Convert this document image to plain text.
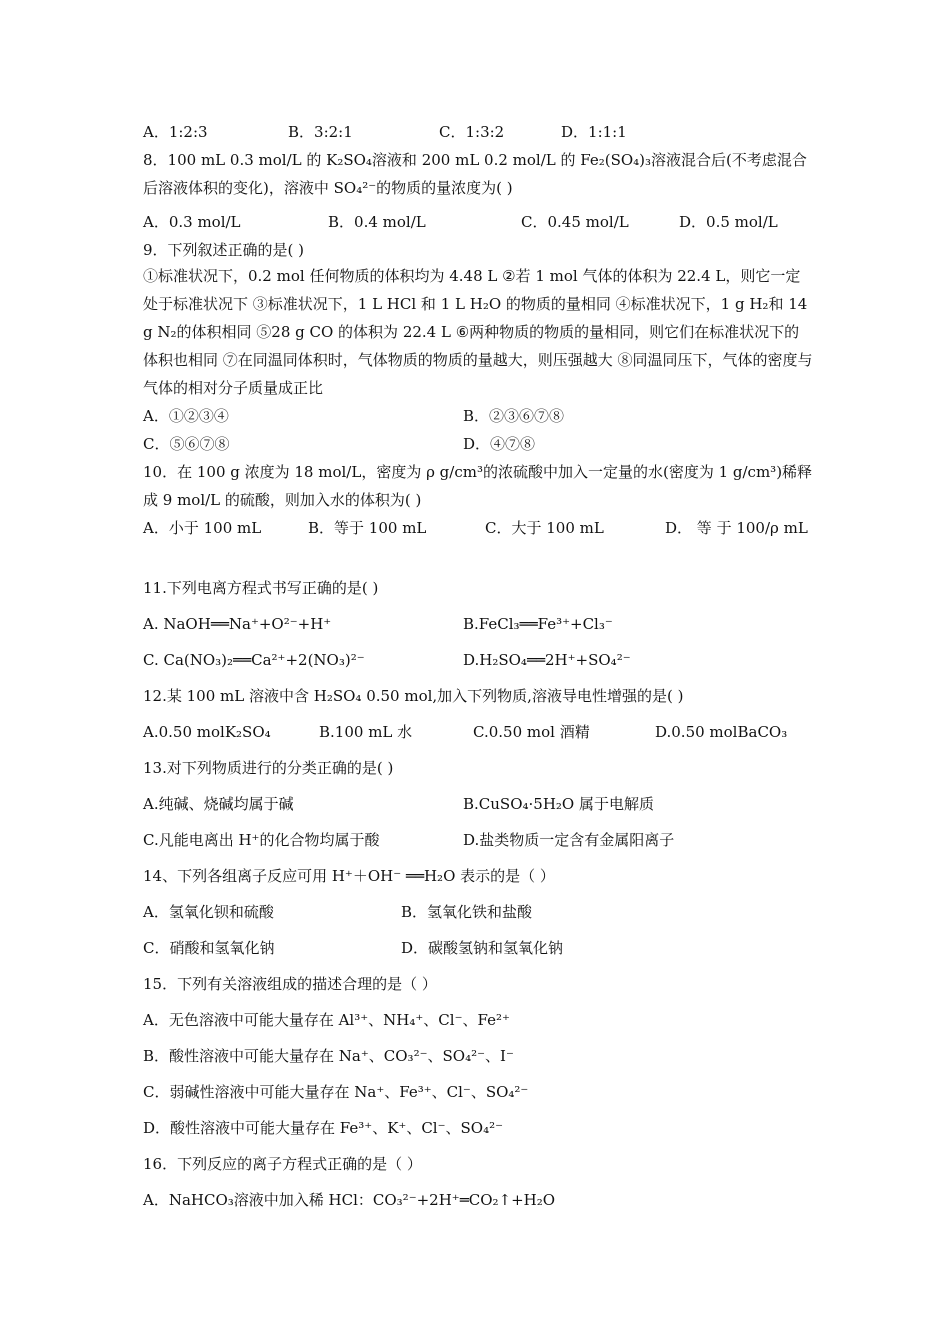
A．1:2:3	B．3:2:1	C．1:3:2	D．1:1:1
8．100 mL 0.3 mol/L 的 K₂SO₄溶液和 200 mL 0.2 mol/L 的 Fe₂(SO₄)₃溶液混合后(不考虑混合后溶液体积的变化)，溶液中 SO₄²⁻的物质的量浓度为( )
A．0.3 mol/L	B．0.4 mol/L	C．0.45 mol/L	D．0.5 mol/L
9．下列叙述正确的是( )
①标准状况下，0.2 mol 任何物质的体积均为 4.48 L ②若 1 mol 气体的体积为 22.4 L，则它一定处于标准状况下 ③标准状况下，1 L HCl 和 1 L H₂O 的物质的量相同 ④标准状况下，1 g H₂和 14 g N₂的体积相同 ⑤28 g CO 的体积为 22.4 L ⑥两种物质的物质的量相同，则它们在标准状况下的体积也相同 ⑦在同温同体积时，气体物质的物质的量越大，则压强越大 ⑧同温同压下，气体的密度与气体的相对分子质量成正比
A．①②③④	B．②③⑥⑦⑧
C．⑤⑥⑦⑧	D．④⑦⑧
10．在 100 g 浓度为 18 mol/L，密度为 ρ g/cm³的浓硫酸中加入一定量的水(密度为 1 g/cm³)稀释成 9 mol/L 的硫酸，则加入水的体积为( )
A．小于 100 mL	B．等于 100 mL	C．大于 100 mL	D． 等 于 100/ρ mL
11.下列电离方程式书写正确的是( )
A. NaOH══Na⁺+O²⁻+H⁺	B.FeCl₃══Fe³⁺+Cl₃⁻
C. Ca(NO₃)₂══Ca²⁺+2(NO₃)²⁻	D.H₂SO₄══2H⁺+SO₄²⁻
12.某 100 mL 溶液中含 H₂SO₄ 0.50 mol,加入下列物质,溶液导电性增强的是( )
A.0.50 molK₂SO₄	B.100 mL 水	C.0.50 mol 酒精	D.0.50 molBaCO₃
13.对下列物质进行的分类正确的是( )
A.纯碱、烧碱均属于碱	B.CuSO₄·5H₂O 属于电解质
C.凡能电离出 H⁺的化合物均属于酸	D.盐类物质一定含有金属阳离子
14、下列各组离子反应可用 H⁺＋OH⁻ ══H₂O 表示的是（ ）
A．氢氧化钡和硫酸	B．氢氧化铁和盐酸
C．硝酸和氢氧化钠	D．碳酸氢钠和氢氧化钠
15．下列有关溶液组成的描述合理的是（ ）
A．无色溶液中可能大量存在 Al³⁺、NH₄⁺、Cl⁻、Fe²⁺
B．酸性溶液中可能大量存在 Na⁺、CO₃²⁻、SO₄²⁻、I⁻
C．弱碱性溶液中可能大量存在 Na⁺、Fe³⁺、Cl⁻、SO₄²⁻
D．酸性溶液中可能大量存在 Fe³⁺、K⁺、Cl⁻、SO₄²⁻
16．下列反应的离子方程式正确的是（ ）
A．NaHCO₃溶液中加入稀 HCl：CO₃²⁻+2H⁺═CO₂↑+H₂O
